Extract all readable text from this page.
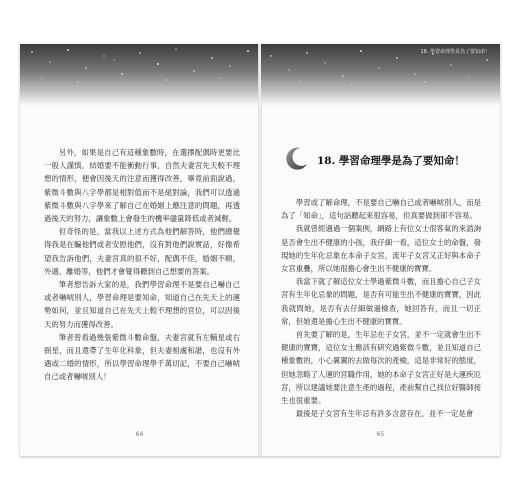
另外，如果是自己有這種象數時，在選擇配偶時更要比一般人謹慎，結婚要不能衝動行事，自然夫妻宮先天較不理想的情形，便會因後天的注意而獲得改善，畢竟前面說過，紫微斗數與八字學都是相對值而不是絕對論，我們可以透過紫微斗數與八字學來了解自己在婚姻上應注意的問題，再透過後天的努力，讓象數上會發生的機率儘量降低或者減輕。

但奇怪的是，當我以上述方式為他們解答時，他們總覺得我是在騙他們或者安慰他們，沒有對他們說實話，好像希望我告訴他們，夫妻宮真的很不好，配偶不佳，婚姻不順，外遇、離婚等，他們才會覺得聽到自己想要的答案。

筆者想告訴大家的是，我們學習命理不是要自己嚇自己或者嚇唬別人，學習命理是要知命，知道自己在先天上的運勢如何，並且知道自己在先天上較不理想的宮位，可以因後天的努力而獲得改善。

筆者曾看過幾張紫微斗數命盤，夫妻宮就有左輔星或右弼星，而且還帶了生年化科象，但夫妻相處和諧，也沒有外遇或二婚的情形，所以學習命理學千萬切記，不要自己嚇唬自己或者嚇唬別人！

64
18. 學習命理學是為了要知命！
18. 學習命理學是為了要知命！

學習或了解命理，不是要自己嚇自己或者嚇唬別人，而是為了「知命」，這句話聽起來很容易，但真要做到卻不容易。

我就曾經遇過一個案例，網路上有位女士很客氣的來諮詢是否會生出不健康的小孩，我仔細一看，這位女士的命盤，發現她的生年化忌象在本命子女宮，流年子女宮又正好與本命子女宮重疊，所以她很擔心會生出不健康的寶寶。

我當下就了解這位女士學過紫微斗數，而且擔心自己子女宮有生年化忌象的問題，是否有可能生出不健康的寶寶，因此我就問她，是否有去仔細做過檢查，她回答有，而且一切正常，但她還是擔心生出不健康的寶寶。

首先要了解的是，生年忌在子女宮，並不一定就會生出不健康的寶寶，這位女士應該有研究過紫微斗數，並且知道自己種象數的，小心翼翼的去做每次的產檢，這是非常好的態度，但她忽略了人運的宮職作用，她的本命子女宮正好是大運疾厄宮，所以建議她要注意生產的過程，產前幫自己找位好醫師接生也很重要。

最後是子女宮有生年忌有許多含意存在，並不一定是會

65
